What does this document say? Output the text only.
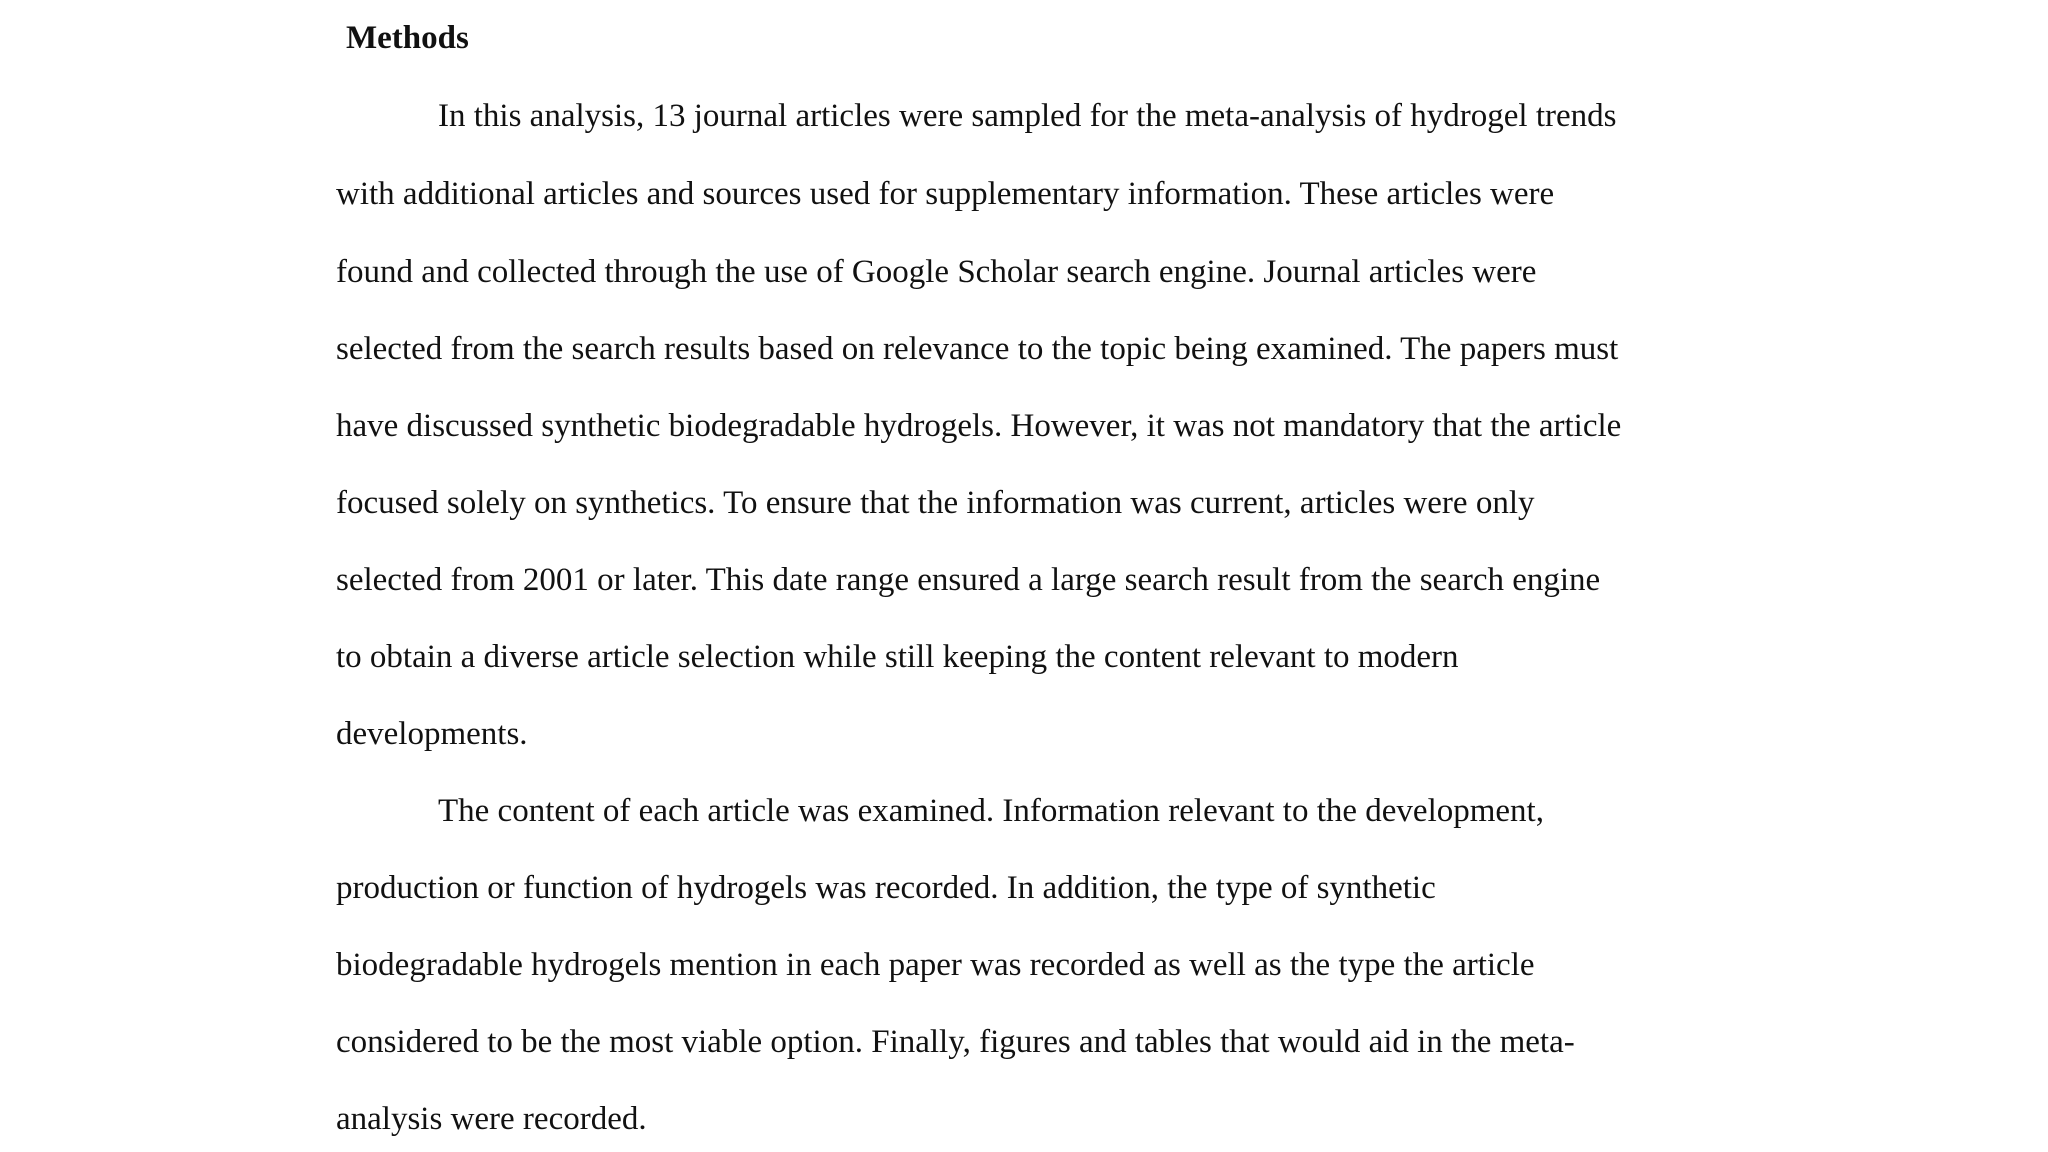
Methods
In this analysis, 13 journal articles were sampled for the meta-analysis of hydrogel trends
with additional articles and sources used for supplementary information. These articles were
found and collected through the use of Google Scholar search engine. Journal articles were
selected from the search results based on relevance to the topic being examined. The papers must
have discussed synthetic biodegradable hydrogels. However, it was not mandatory that the article
focused solely on synthetics. To ensure that the information was current, articles were only
selected from 2001 or later. This date range ensured a large search result from the search engine
to obtain a diverse article selection while still keeping the content relevant to modern
developments.
The content of each article was examined. Information relevant to the development,
production or function of hydrogels was recorded. In addition, the type of synthetic
biodegradable hydrogels mention in each paper was recorded as well as the type the article
considered to be the most viable option. Finally, figures and tables that would aid in the meta-
analysis were recorded.
